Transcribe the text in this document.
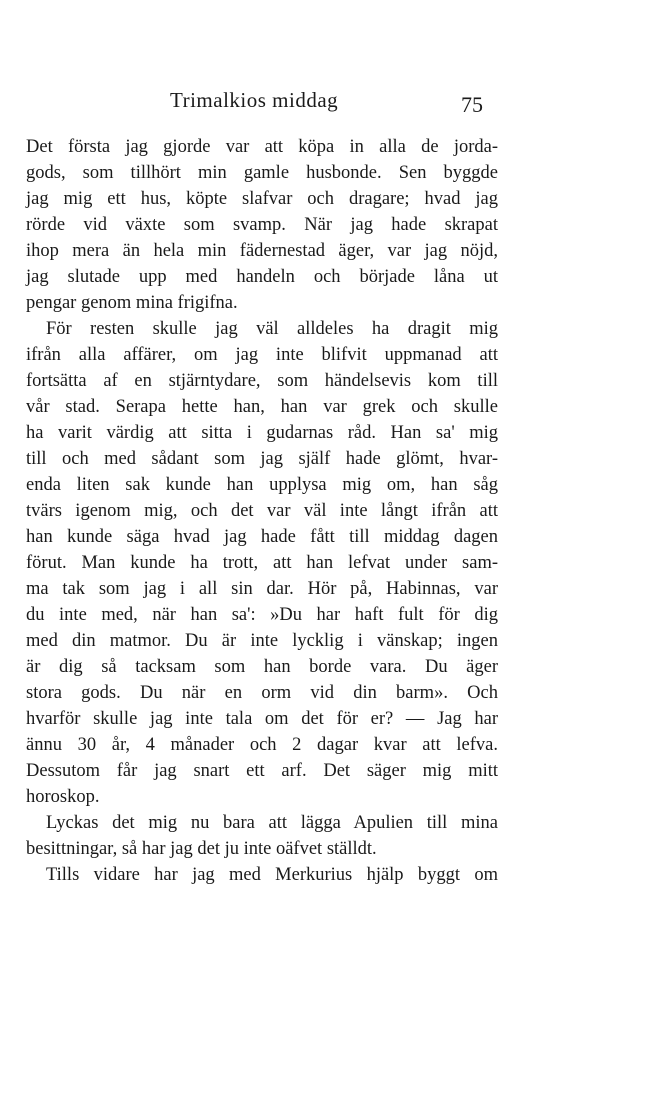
Trimalkios middag	75
Det första jag gjorde var att köpa in alla de jorda-
gods, som tillhört min gamle husbonde. Sen byggde
jag mig ett hus, köpte slafvar och dragare; hvad jag
rörde vid växte som svamp. När jag hade skrapat
ihop mera än hela min fädernestad äger, var jag nöjd,
jag slutade upp med handeln och började låna ut
pengar genom mina frigifna.
För resten skulle jag väl alldeles ha dragit mig
ifrån alla affärer, om jag inte blifvit uppmanad att
fortsätta af en stjärntydare, som händelsevis kom till
vår stad. Serapa hette han, han var grek och skulle
ha varit värdig att sitta i gudarnas råd. Han sa' mig
till och med sådant som jag själf hade glömt, hvar-
enda liten sak kunde han upplysa mig om, han såg
tvärs igenom mig, och det var väl inte långt ifrån att
han kunde säga hvad jag hade fått till middag dagen
förut. Man kunde ha trott, att han lefvat under sam-
ma tak som jag i all sin dar. Hör på, Habinnas, var
du inte med, när han sa': »Du har haft fult för dig
med din matmor. Du är inte lycklig i vänskap; ingen
är dig så tacksam som han borde vara. Du äger
stora gods. Du när en orm vid din barm». Och
hvarför skulle jag inte tala om det för er? — Jag har
ännu 30 år, 4 månader och 2 dagar kvar att lefva.
Dessutom får jag snart ett arf. Det säger mig mitt
horoskop.
Lyckas det mig nu bara att lägga Apulien till mina
besittningar, så har jag det ju inte oäfvet ställdt.
Tills vidare har jag med Merkurius hjälp byggt om
